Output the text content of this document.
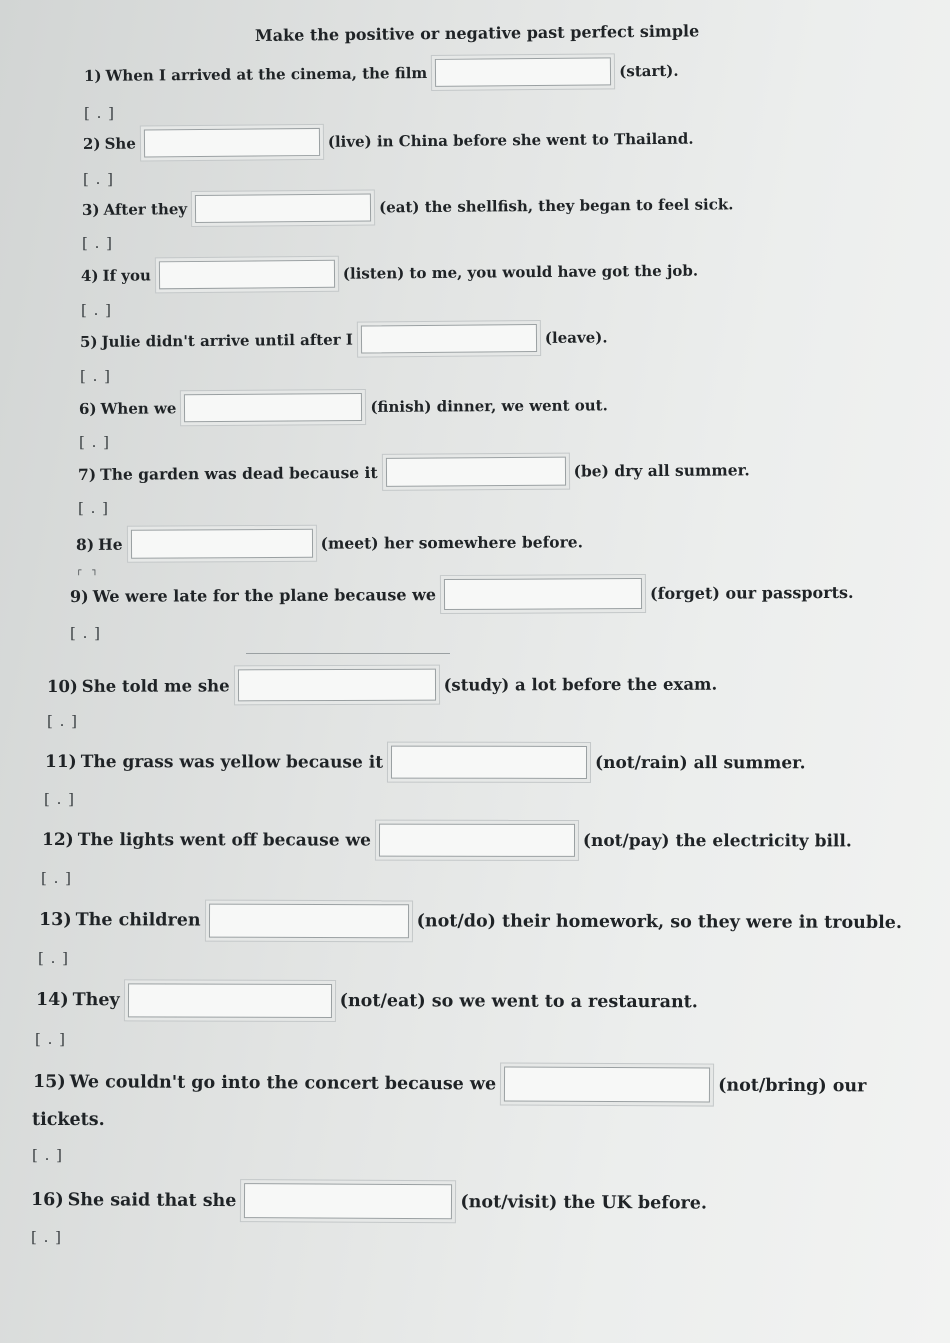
Make the positive or negative past perfect simple
1) When I arrived at the cinema, the film	(start).
[ . ]
2) She	(live) in China before she went to Thailand.
[ . ]
3) After they	(eat) the shellfish, they began to feel sick.
[ . ]
4) If you	(listen) to me, you would have got the job.
[ . ]
5) Julie didn't arrive until after I	(leave).
[ . ]
6) When we	(finish) dinner, we went out.
[ . ]
7) The garden was dead because it	(be) dry all summer.
[ . ]
8) He	(meet) her somewhere before.
┌ ┐
9) We were late for the plane because we	(forget) our passports.
[ . ]
10) She told me she	(study) a lot before the exam.
[ . ]
11) The grass was yellow because it	(not/rain) all summer.
[ . ]
12) The lights went off because we	(not/pay) the electricity bill.
[ . ]
13) The children	(not/do) their homework, so they were in trouble.
[ . ]
14) They	(not/eat) so we went to a restaurant.
[ . ]
15) We couldn't go into the concert because we	(not/bring) our
tickets.
[ . ]
16) She said that she	(not/visit) the UK before.
[ . ]
